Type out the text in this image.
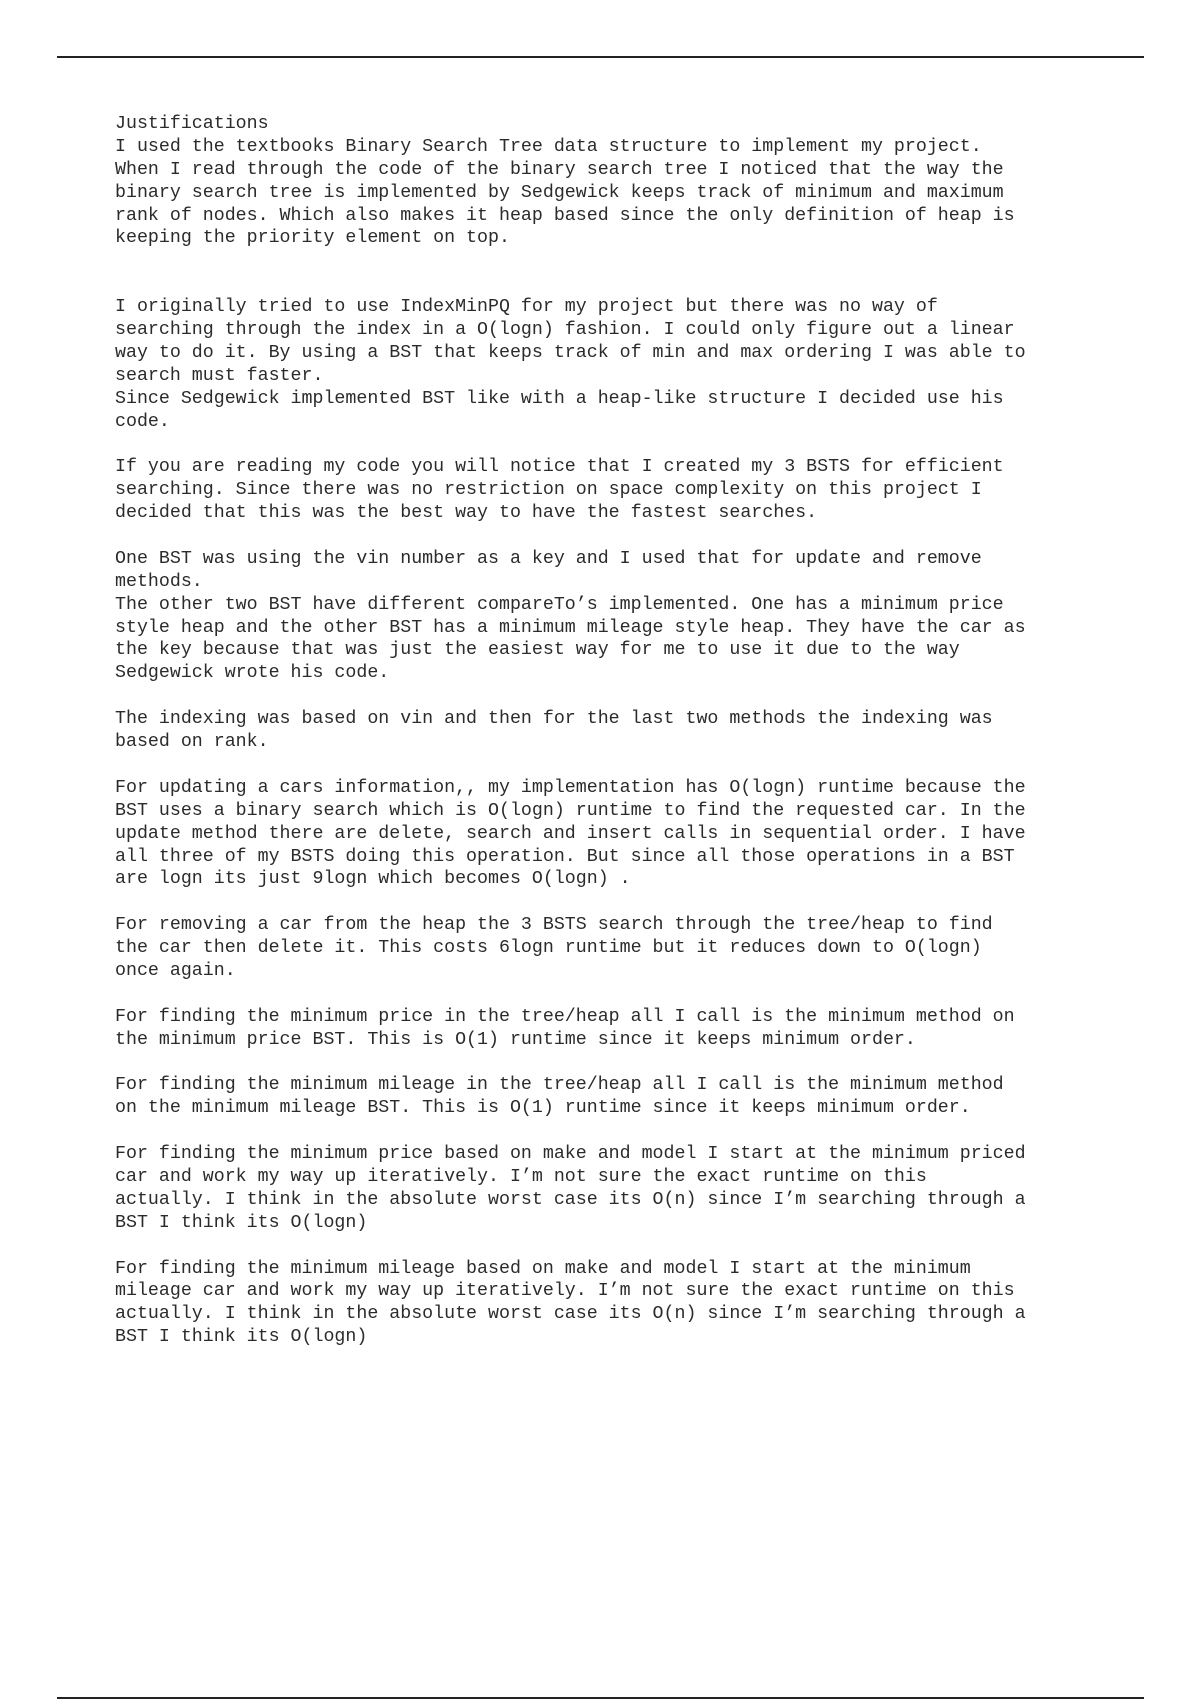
Justifications
I used the textbooks Binary Search Tree data structure to implement my project.
When I read through the code of the binary search tree I noticed that the way the
binary search tree is implemented by Sedgewick keeps track of minimum and maximum
rank of nodes. Which also makes it heap based since the only definition of heap is
keeping the priority element on top.
I originally tried to use IndexMinPQ for my project but there was no way of
searching through the index in a O(logn) fashion. I could only figure out a linear
way to do it. By using a BST that keeps track of min and max ordering I was able to
search must faster.
Since Sedgewick implemented BST like with a heap-like structure I decided use his
code.
If you are reading my code you will notice that I created my 3 BSTS for efficient
searching. Since there was no restriction on space complexity on this project I
decided that this was the best way to have the fastest searches.
One BST was using the vin number as a key and I used that for update and remove
methods.
The other two BST have different compareTo’s implemented. One has a minimum price
style heap and the other BST has a minimum mileage style heap. They have the car as
the key because that was just the easiest way for me to use it due to the way
Sedgewick wrote his code.
The indexing was based on vin and then for the last two methods the indexing was
based on rank.
For updating a cars information,, my implementation has O(logn) runtime because the
BST uses a binary search which is O(logn) runtime to find the requested car. In the
update method there are delete, search and insert calls in sequential order. I have
all three of my BSTS doing this operation. But since all those operations in a BST
are logn its just 9logn which becomes O(logn) .
For removing a car from the heap the 3 BSTS search through the tree/heap to find
the car then delete it. This costs 6logn runtime but it reduces down to O(logn)
once again.
For finding the minimum price in the tree/heap all I call is the minimum method on
the minimum price BST. This is O(1) runtime since it keeps minimum order.
For finding the minimum mileage in the tree/heap all I call is the minimum method
on the minimum mileage BST. This is O(1) runtime since it keeps minimum order.
For finding the minimum price based on make and model I start at the minimum priced
car and work my way up iteratively. I’m not sure the exact runtime on this
actually. I think in the absolute worst case its O(n) since I’m searching through a
BST I think its O(logn)
For finding the minimum mileage based on make and model I start at the minimum
mileage car and work my way up iteratively. I’m not sure the exact runtime on this
actually. I think in the absolute worst case its O(n) since I’m searching through a
BST I think its O(logn)
